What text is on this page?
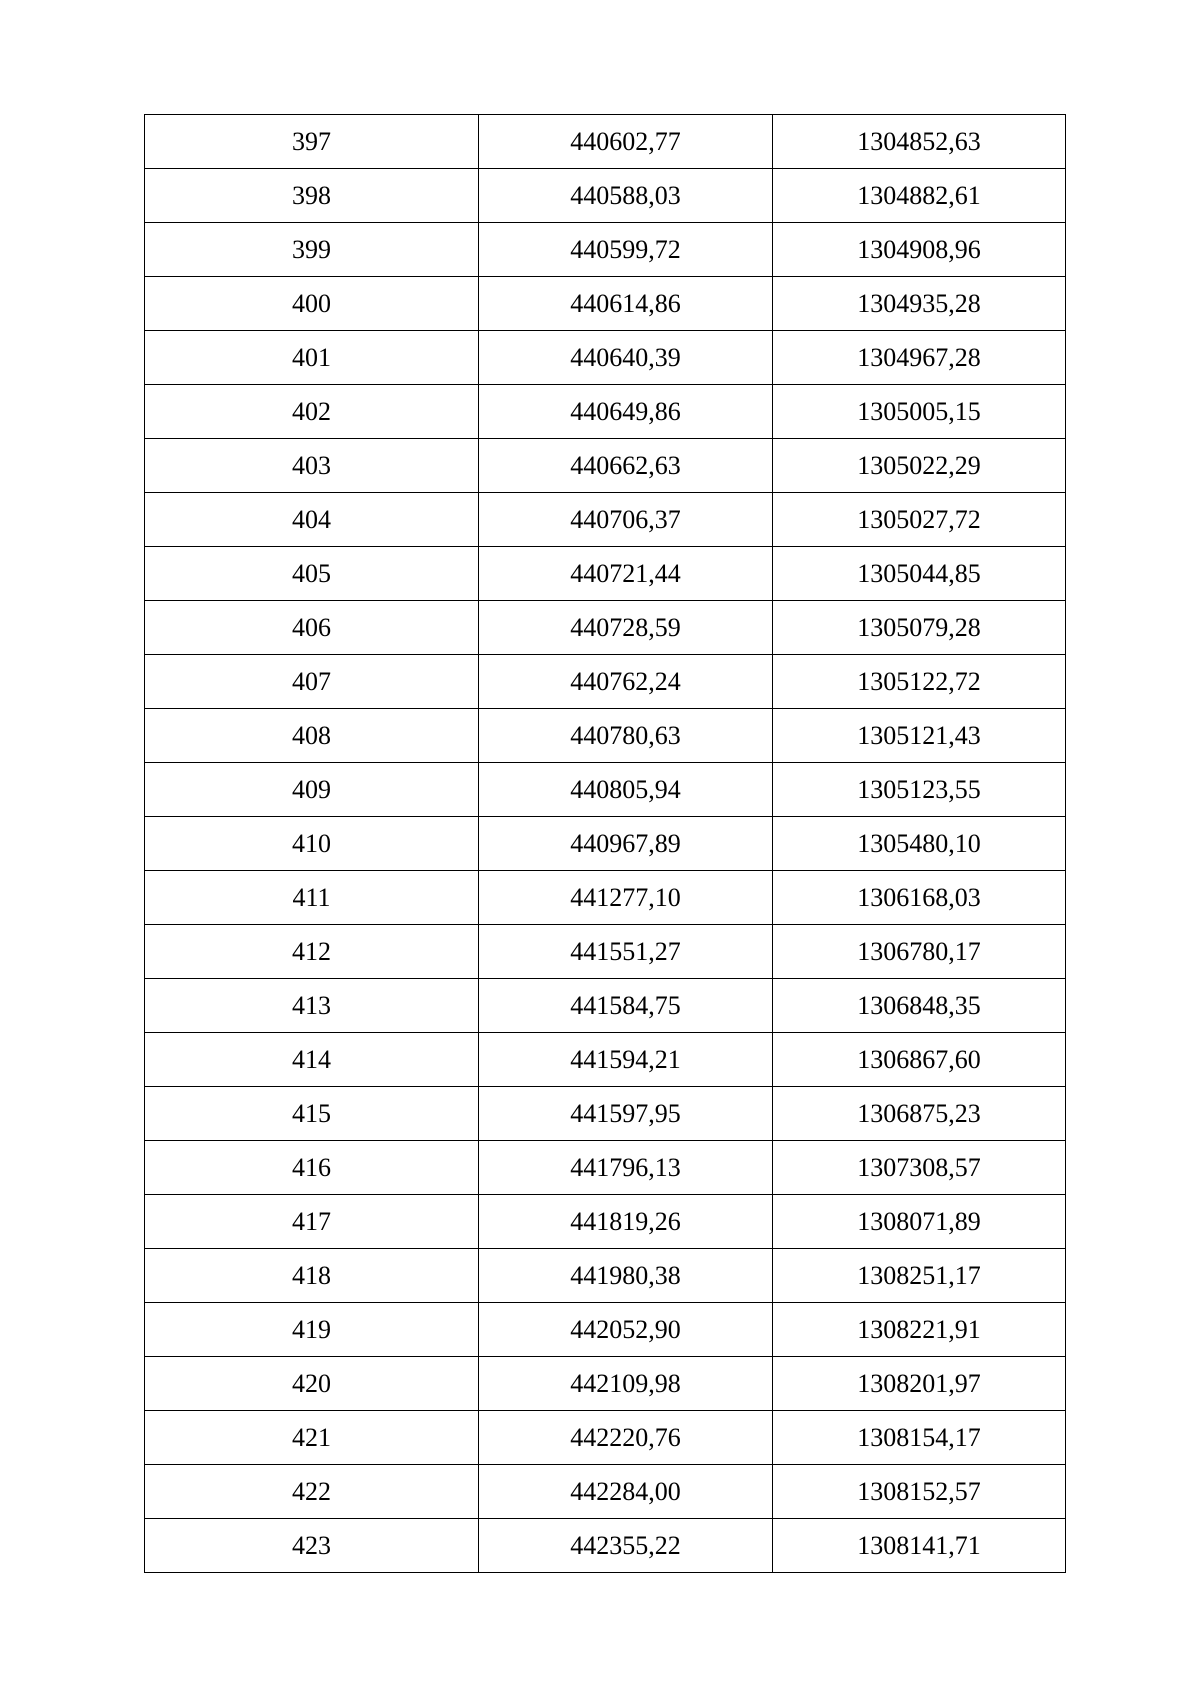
397	440602,77	1304852,63
398	440588,03	1304882,61
399	440599,72	1304908,96
400	440614,86	1304935,28
401	440640,39	1304967,28
402	440649,86	1305005,15
403	440662,63	1305022,29
404	440706,37	1305027,72
405	440721,44	1305044,85
406	440728,59	1305079,28
407	440762,24	1305122,72
408	440780,63	1305121,43
409	440805,94	1305123,55
410	440967,89	1305480,10
411	441277,10	1306168,03
412	441551,27	1306780,17
413	441584,75	1306848,35
414	441594,21	1306867,60
415	441597,95	1306875,23
416	441796,13	1307308,57
417	441819,26	1308071,89
418	441980,38	1308251,17
419	442052,90	1308221,91
420	442109,98	1308201,97
421	442220,76	1308154,17
422	442284,00	1308152,57
423	442355,22	1308141,71
